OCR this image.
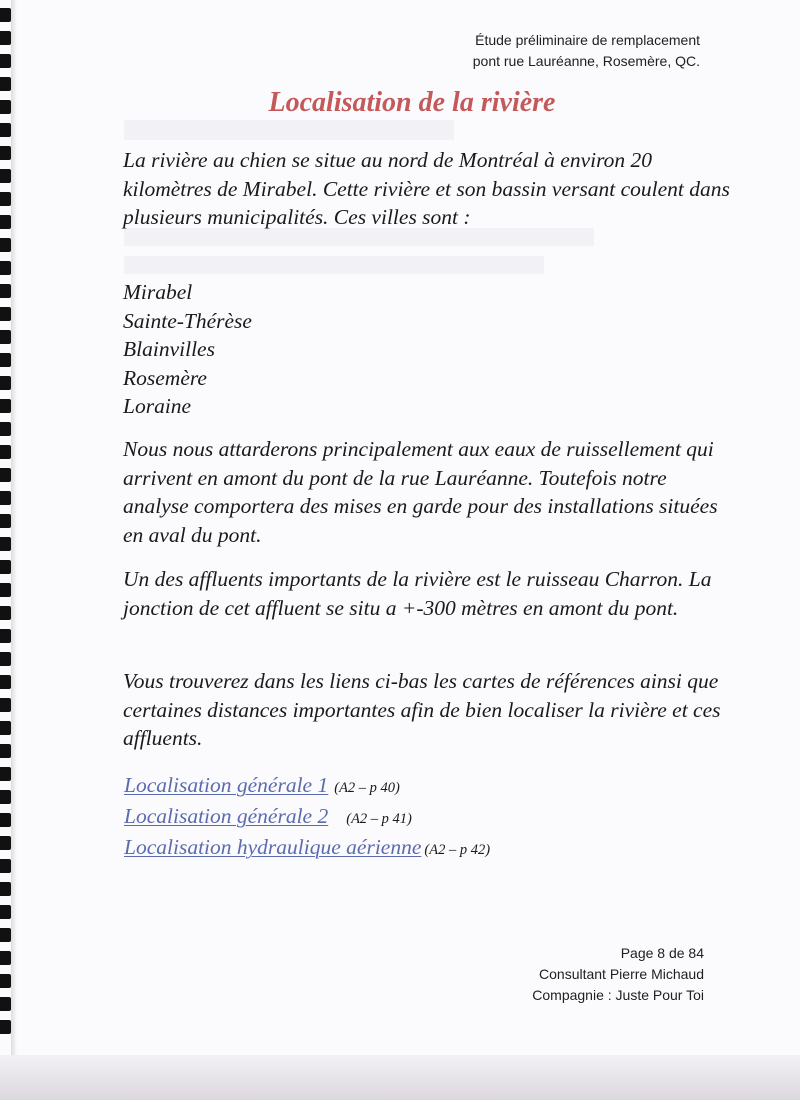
Étude préliminaire de remplacement
pont rue Lauréanne, Rosemère, QC.
Localisation de la rivière

La rivière au chien se situe au nord de Montréal à environ 20 kilomètres de Mirabel. Cette rivière et son bassin versant coulent dans plusieurs municipalités. Ces villes sont :

Mirabel
Sainte-Thérèse
Blainvilles
Rosemère
Loraine

Nous nous attarderons principalement aux eaux de ruissellement qui arrivent en amont du pont de la rue Lauréanne. Toutefois notre analyse comportera des mises en garde pour des installations situées en aval du pont.

Un des affluents importants de la rivière est le ruisseau Charron. La jonction de cet affluent se situ a +-300 mètres en amont du pont.

Vous trouverez dans les liens ci-bas les cartes de références ainsi que certaines distances importantes afin de bien localiser la rivière et ces affluents.

Localisation générale 1 (A2 – p 40)
Localisation générale 2 (A2 – p 41)
Localisation hydraulique aérienne (A2 – p 42)
Page 8 de 84
Consultant Pierre Michaud
Compagnie : Juste Pour Toi
